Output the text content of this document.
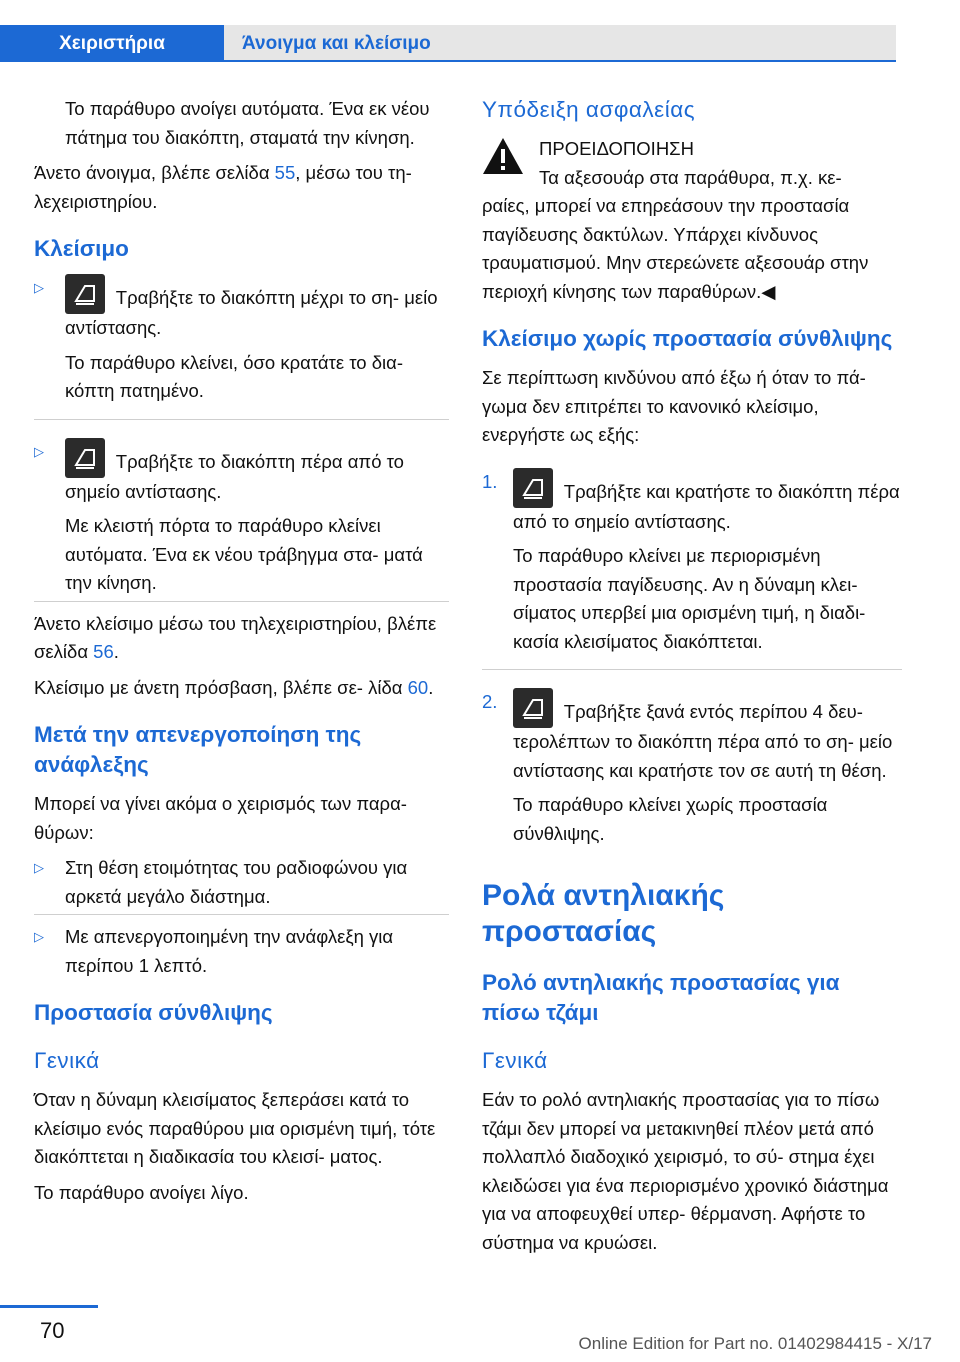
Χειριστήρια	Άνοιγμα και κλείσιμο

Το παράθυρο ανοίγει αυτόματα. Ένα εκ νέου πάτημα του διακόπτη, σταματά την κίνηση.

Άνετο άνοιγμα, βλέπε σελίδα 55, μέσω του τη- λεχειριστηρίου.

Κλείσιμο
▷	Τραβήξτε το διακόπτη μέχρι το ση- μείο αντίστασης.
Το παράθυρο κλείνει, όσο κρατάτε το δια- κόπτη πατημένο.
▷	Τραβήξτε το διακόπτη πέρα από το σημείο αντίστασης.
Με κλειστή πόρτα το παράθυρο κλείνει αυτόματα. Ένα εκ νέου τράβηγμα στα- ματά την κίνηση.

Άνετο κλείσιμο μέσω του τηλεχειριστηρίου, βλέπε σελίδα 56.

Κλείσιμο με άνετη πρόσβαση, βλέπε σε- λίδα 60.

Μετά την απενεργοποίηση της ανάφλεξης

Μπορεί να γίνει ακόμα ο χειρισμός των παρα- θύρων:

▷ Στη θέση ετοιμότητας του ραδιοφώνου για αρκετά μεγάλο διάστημα.
▷ Με απενεργοποιημένη την ανάφλεξη για περίπου 1 λεπτό.
Προστασία σύνθλιψης
Γενικά

Όταν η δύναμη κλεισίματος ξεπεράσει κατά το κλείσιμο ενός παραθύρου μια ορισμένη τιμή, τότε διακόπτεται η διαδικασία του κλεισί- ματος.

Το παράθυρο ανοίγει λίγο.

Υπόδειξη ασφαλείας

ΠΡΟΕΙΔΟΠΟΙΗΣΗ

Τα αξεσουάρ στα παράθυρα, π.χ. κε-

ραίες, μπορεί να επηρεάσουν την προστασία παγίδευσης δακτύλων. Υπάρχει κίνδυνος τραυματισμού. Μην στερεώνετε αξεσουάρ στην περιοχή κίνησης των παραθύρων.◀

Κλείσιμο χωρίς προστασία σύνθλιψης

Σε περίπτωση κινδύνου από έξω ή όταν το πά- γωμα δεν επιτρέπει το κανονικό κλείσιμο, ενεργήστε ως εξής:

1.	Τραβήξτε και κρατήστε το διακόπτη πέρα από το σημείο αντίστασης.
Το παράθυρο κλείνει με περιορισμένη προστασία παγίδευσης. Αν η δύναμη κλει- σίματος υπερβεί μια ορισμένη τιμή, η διαδι- κασία κλεισίματος διακόπτεται.
2.	Τραβήξτε ξανά εντός περίπου 4 δευ- τερολέπτων το διακόπτη πέρα από το ση- μείο αντίστασης και κρατήστε τον σε αυτή τη θέση.
Το παράθυρο κλείνει χωρίς προστασία σύνθλιψης.
Ρολά αντηλιακής προστασίας
Ρολό αντηλιακής προστασίας για πίσω τζάμι
Γενικά

Εάν το ρολό αντηλιακής προστασίας για το πίσω τζάμι δεν μπορεί να μετακινηθεί πλέον μετά από πολλαπλό διαδοχικό χειρισμό, το σύ- στημα έχει κλειδώσει για ένα περιορισμένο χρονικό διάστημα για να αποφευχθεί υπερ- θέρμανση. Αφήστε το σύστημα να κρυώσει.

70
Online Edition for Part no. 01402984415 - X/17
